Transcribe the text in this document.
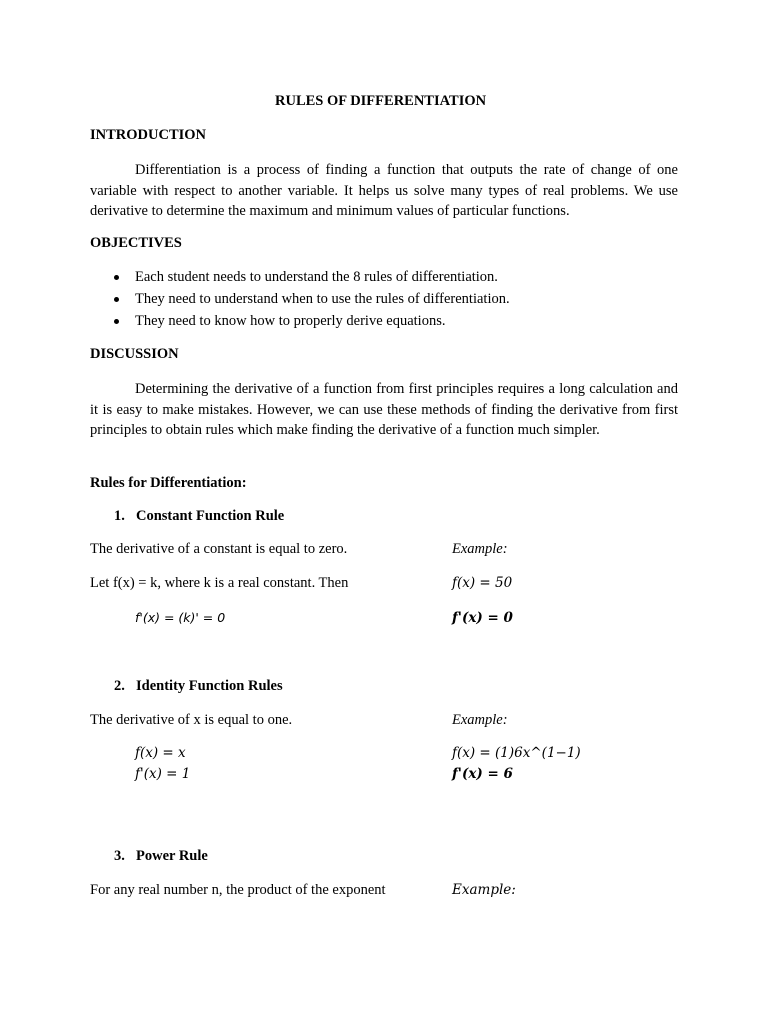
RULES OF DIFFERENTIATION
INTRODUCTION

Differentiation is a process of finding a function that outputs the rate of change of one variable with respect to another variable. It helps us solve many types of real problems. We use derivative to determine the maximum and minimum values of particular functions.

OBJECTIVES
Each student needs to understand the 8 rules of differentiation.
They need to understand when to use the rules of differentiation.
They need to know how to properly derive equations.
DISCUSSION

Determining the derivative of a function from first principles requires a long calculation and it is easy to make mistakes. However, we can use these methods of finding the derivative from first principles to obtain rules which make finding the derivative of a function much simpler.

Rules for Differentiation:
1. Constant Function Rule
The derivative of a constant is equal to zero.
Let f(x) = k, where k is a real constant. Then
f'(x) = (k)' = 0
Example:
f(x) = 50
f'(x) = 0
2. Identity Function Rules
The derivative of x is equal to one.
f(x) = x
f'(x) = 1
Example:
f(x) = (1)6x^(1−1)
f'(x) = 6
3. Power Rule
For any real number n, the product of the exponent	Example:
